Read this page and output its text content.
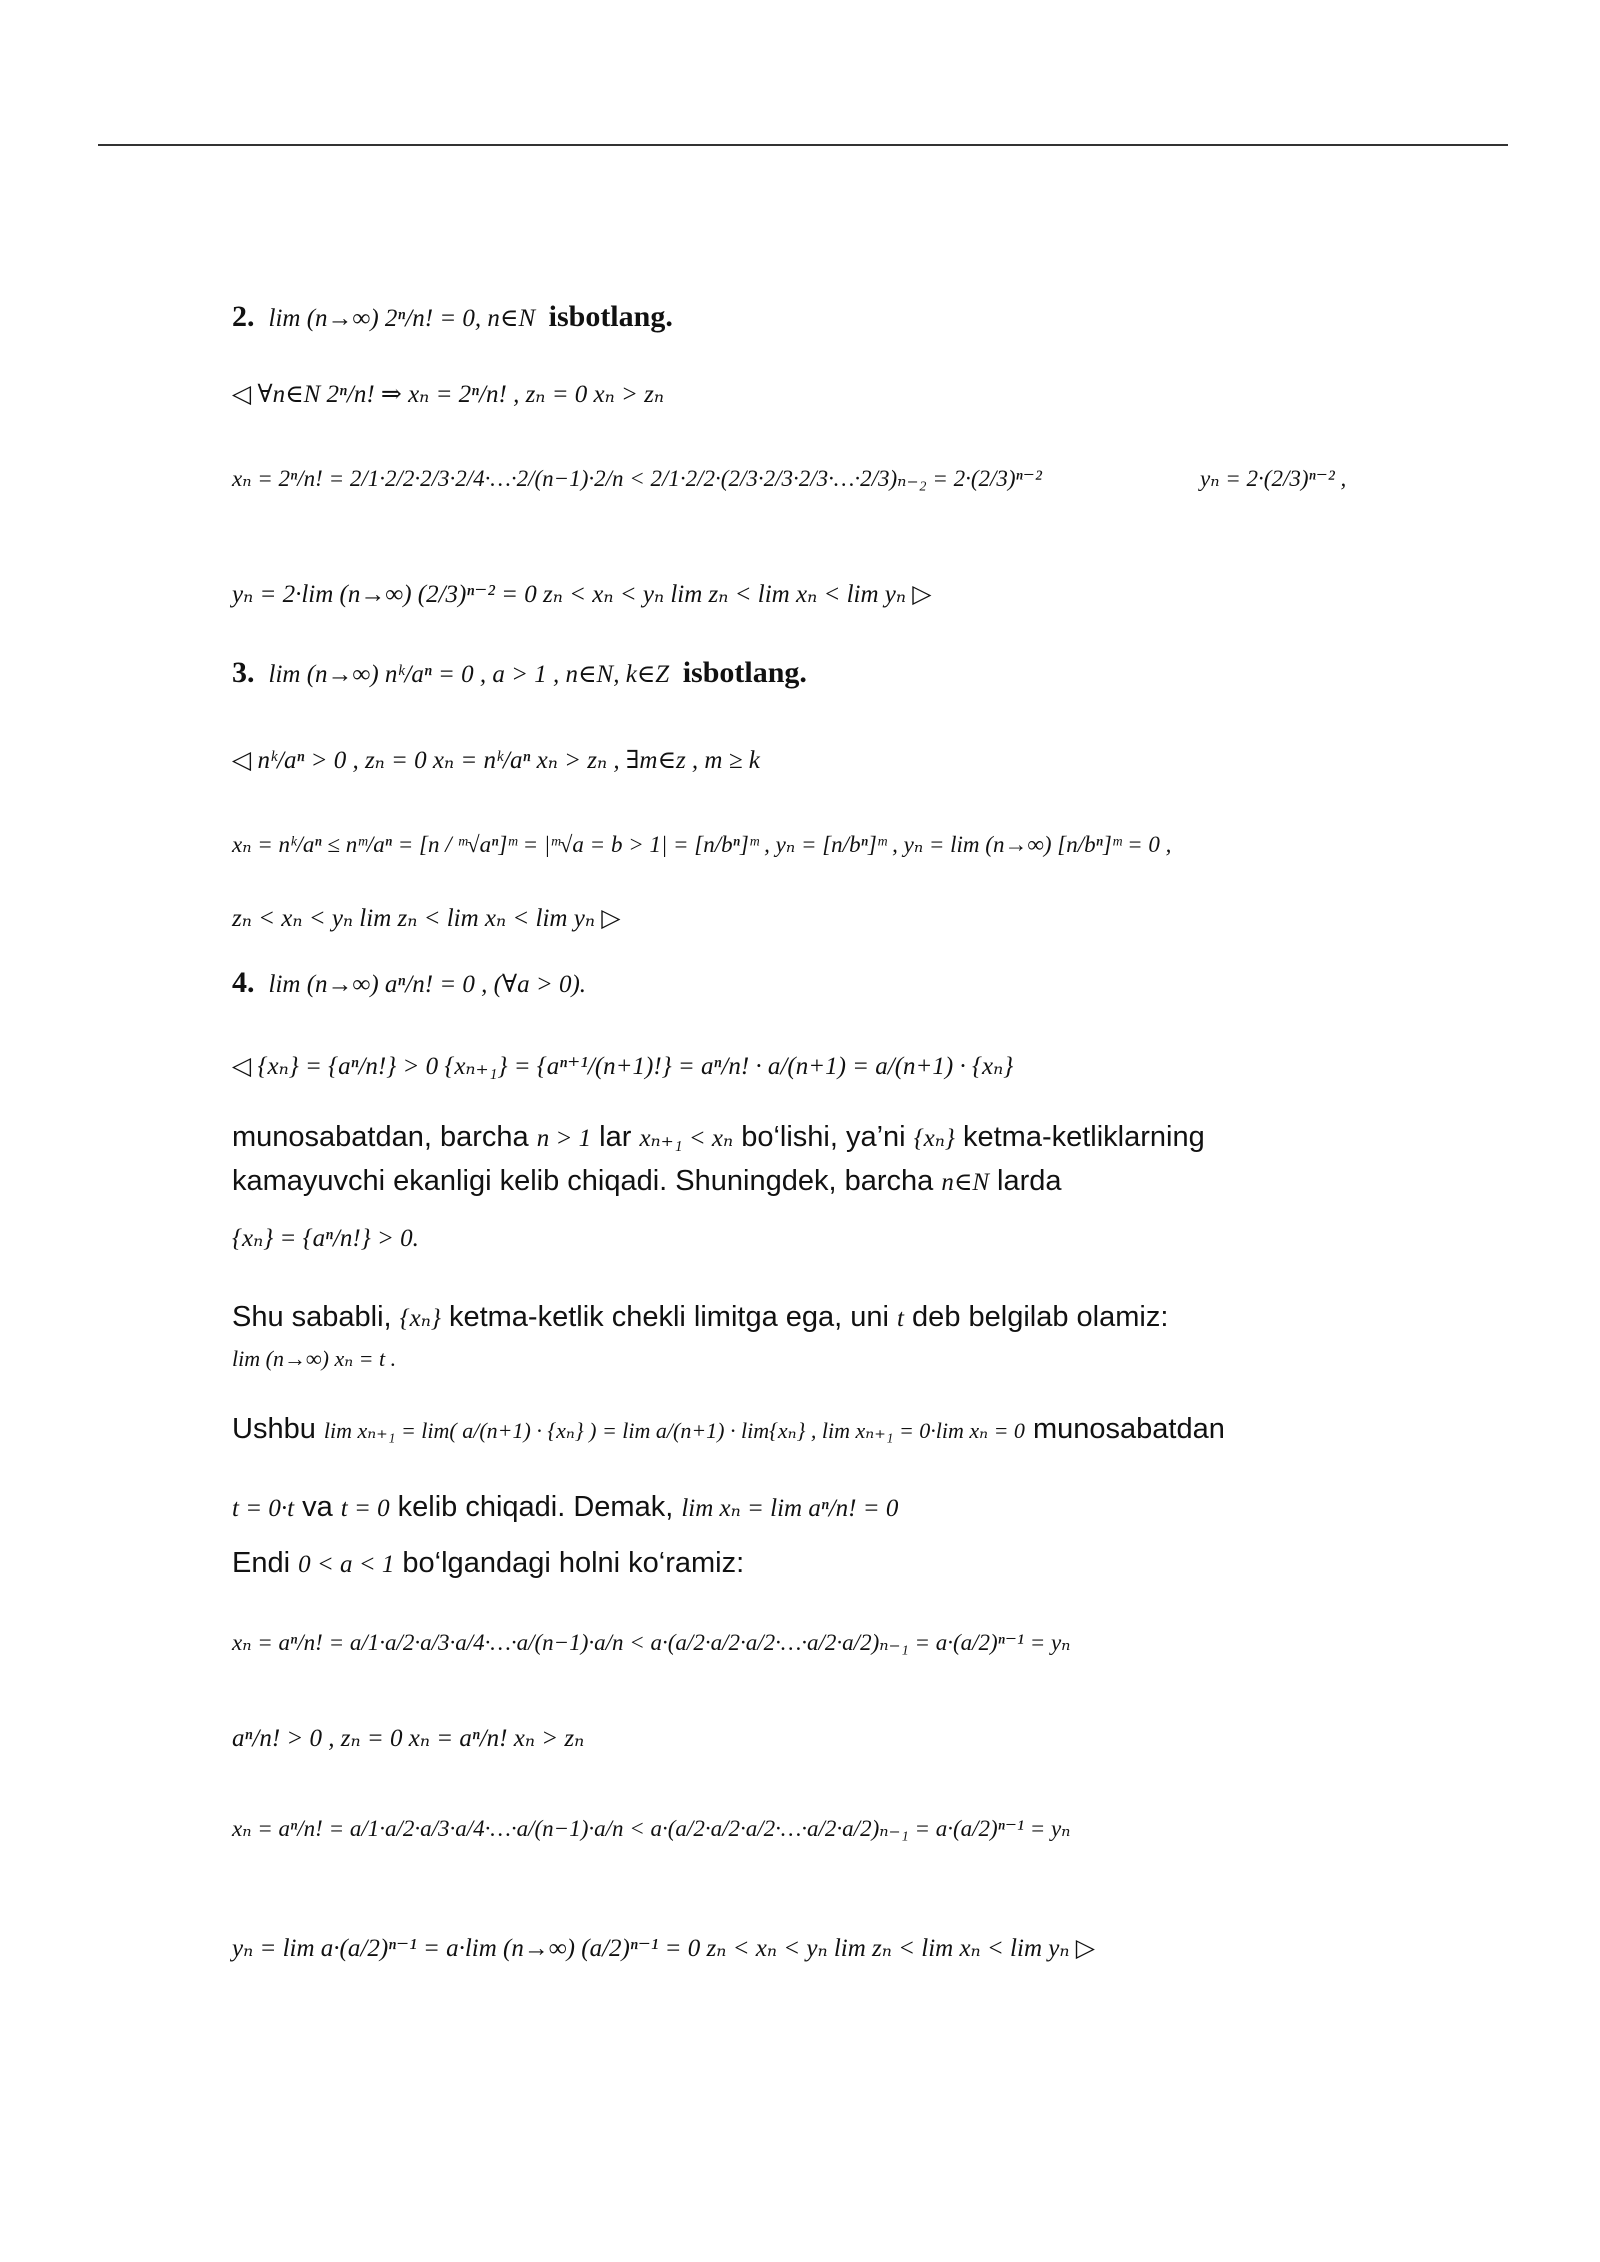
2. lim (n→∞) 2ⁿ/n! = 0, n∈N isbotlang.
◁ ∀n∈N 2ⁿ/n! ⇒ xₙ = 2ⁿ/n! , zₙ = 0 xₙ > zₙ
xₙ = 2ⁿ/n! = 2/1·2/2·2/3·2/4·…·2/(n−1)·2/n < 2/1·2/2·(2/3·2/3·2/3·…·2/3)ₙ₋₂ = 2·(2/3)ⁿ⁻²	yₙ = 2·(2/3)ⁿ⁻² ,
yₙ = 2·lim (n→∞) (2/3)ⁿ⁻² = 0 zₙ < xₙ < yₙ lim zₙ < lim xₙ < lim yₙ ▷
3. lim (n→∞) nᵏ/aⁿ = 0 , a > 1 , n∈N, k∈Z isbotlang.
◁ nᵏ/aⁿ > 0 , zₙ = 0 xₙ = nᵏ/aⁿ xₙ > zₙ , ∃m∈z , m ≥ k
xₙ = nᵏ/aⁿ ≤ nᵐ/aⁿ = [n / ᵐ√aⁿ]ᵐ = |ᵐ√a = b > 1| = [n/bⁿ]ᵐ , yₙ = [n/bⁿ]ᵐ , yₙ = lim (n→∞) [n/bⁿ]ᵐ = 0 ,
zₙ < xₙ < yₙ lim zₙ < lim xₙ < lim yₙ ▷
4. lim (n→∞) aⁿ/n! = 0 , (∀a > 0).
◁ {xₙ} = {aⁿ/n!} > 0 {xₙ₊₁} = {aⁿ⁺¹/(n+1)!} = aⁿ/n! · a/(n+1) = a/(n+1) · {xₙ}
munosabatdan, barcha n > 1 lar xₙ₊₁ < xₙ bo‘lishi, ya’ni {xₙ} ketma-ketliklarning
kamayuvchi ekanligi kelib chiqadi. Shuningdek, barcha n∈N larda
{xₙ} = {aⁿ/n!} > 0.
Shu sababli, {xₙ} ketma-ketlik chekli limitga ega, uni t deb belgilab olamiz:
lim (n→∞) xₙ = t .
Ushbu lim xₙ₊₁ = lim( a/(n+1) · {xₙ} ) = lim a/(n+1) · lim{xₙ} , lim xₙ₊₁ = 0·lim xₙ = 0 munosabatdan
t = 0·t va t = 0 kelib chiqadi. Demak, lim xₙ = lim aⁿ/n! = 0
Endi 0 < a < 1 bo‘lgandagi holni ko‘ramiz:
xₙ = aⁿ/n! = a/1·a/2·a/3·a/4·…·a/(n−1)·a/n < a·(a/2·a/2·a/2·…·a/2·a/2)ₙ₋₁ = a·(a/2)ⁿ⁻¹ = yₙ
aⁿ/n! > 0 , zₙ = 0 xₙ = aⁿ/n! xₙ > zₙ
xₙ = aⁿ/n! = a/1·a/2·a/3·a/4·…·a/(n−1)·a/n < a·(a/2·a/2·a/2·…·a/2·a/2)ₙ₋₁ = a·(a/2)ⁿ⁻¹ = yₙ
yₙ = lim a·(a/2)ⁿ⁻¹ = a·lim (n→∞) (a/2)ⁿ⁻¹ = 0 zₙ < xₙ < yₙ lim zₙ < lim xₙ < lim yₙ ▷
